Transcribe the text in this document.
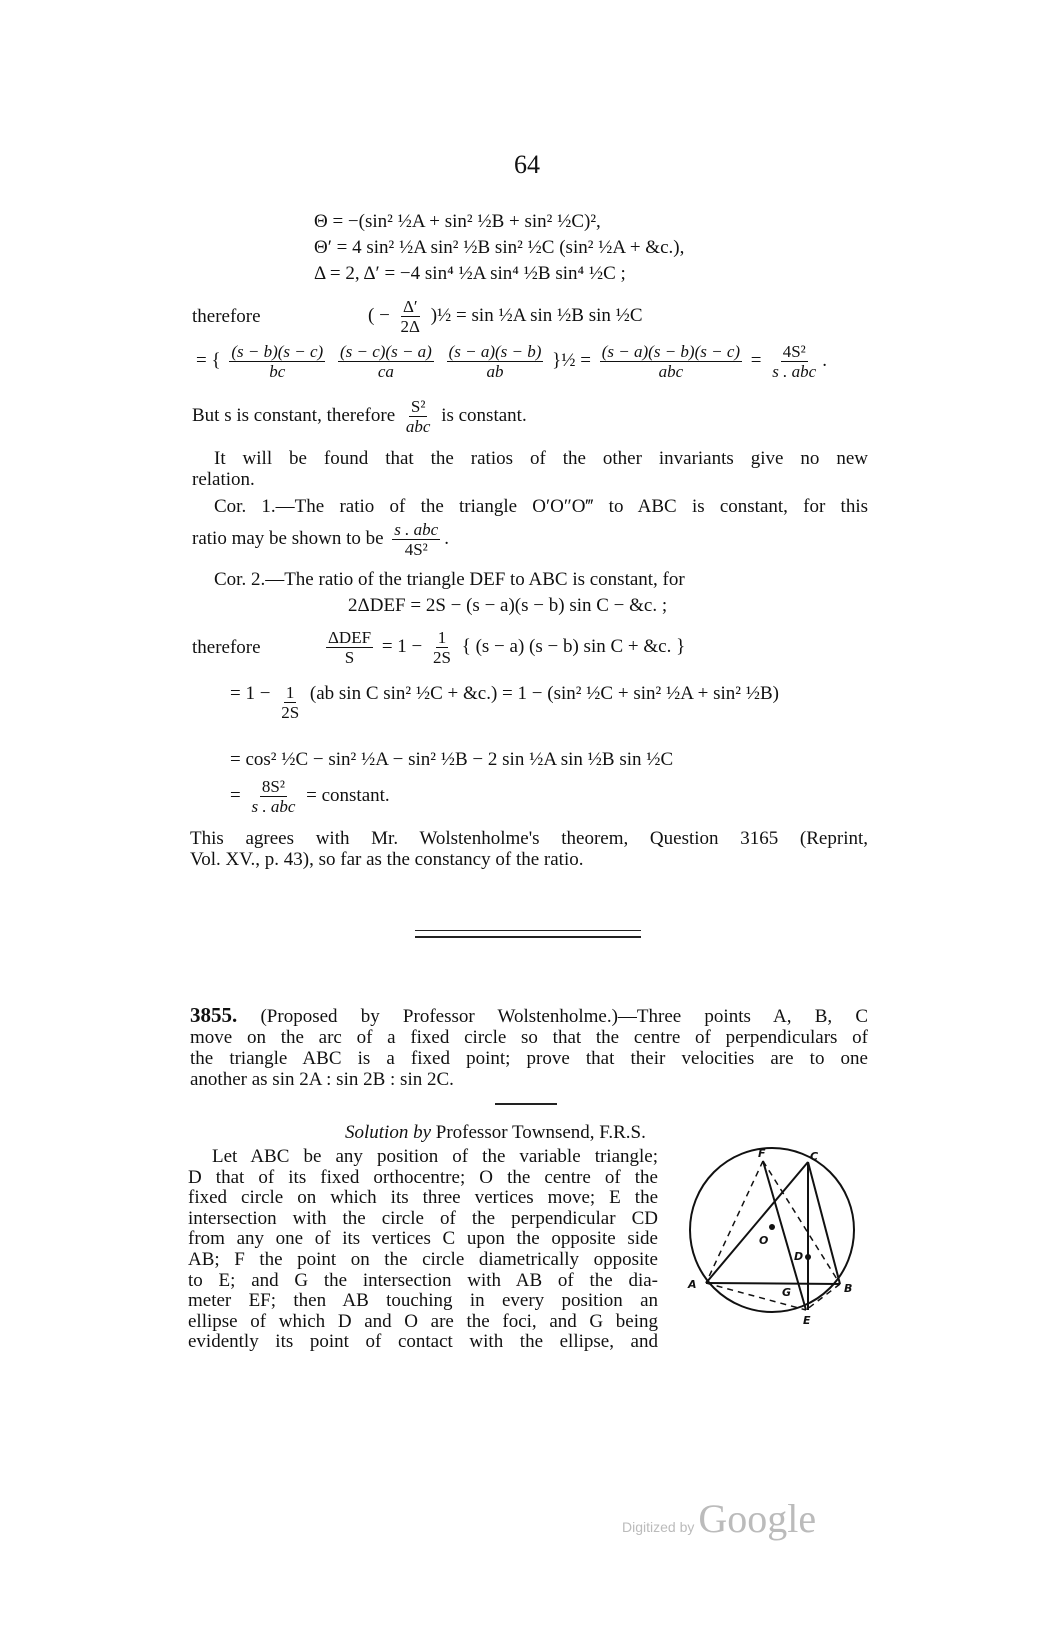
64
Θ = −(sin² ½A + sin² ½B + sin² ½C)²,
Θ′ = 4 sin² ½A sin² ½B sin² ½C (sin² ½A + &c.),
Δ = 2, Δ′ = −4 sin⁴ ½A sin⁴ ½B sin⁴ ½C ;
therefore	( − $\frac{\Delta'}{2\Delta}$ )½ = sin ½A sin ½B sin ½C
= { $\frac{(s - b)(s - c)}{bc}$
$\frac{(s - c)(s - a)}{ca}$
$\frac{(s - a)(s - b)}{ab}$ }½ = $\frac{(s - a)(s - b)(s - c)}{\text{abc}} = \frac{\text{4S²}}{\text{s . abc}}$ .
But s is constant, therefore $\frac{\text{S²}}{\text{abc}}$ is constant.
It will be found that the ratios of the other invariants give no new
relation.
Cor. 1.—The ratio of the triangle O′O″O‴ to ABC is constant, for this
ratio may be shown to be $\frac{\text{s . abc}}{\text{4S²}}$ .
Cor. 2.—The ratio of the triangle DEF to ABC is constant, for
2ΔDEF = 2S − (s − a)(s − b) sin C − &c. ;
therefore	$\frac{\text{ΔDEF}}{S} = 1 - \frac{1}{2S}$ { (s − a) (s − b) sin C + &c. }
= $1 - \frac{1}{2S} (ab$ sin C sin² ½C + &c.) = 1 − (sin² ½C + sin² ½A + sin² ½B)
= cos² ½C − sin² ½A − sin² ½B − 2 sin ½A sin ½B sin ½C
= $\frac{\text{8S²}}{\text{s . abc}}$ = constant.
This agrees with Mr. Wolstenholme's theorem, Question 3165 (Reprint,
Vol. XV., p. 43), so far as the constancy of the ratio.
3855. (Proposed by Professor Wolstenholme.)—Three points A, B, C
move on the arc of a fixed circle so that the centre of perpendiculars of
the triangle ABC is a fixed point; prove that their velocities are to one
another as sin 2A : sin 2B : sin 2C.
Solution by Professor Townsend, F.R.S.
Let ABC be any position of the variable triangle;
D that of its fixed orthocentre; O the centre of the
fixed circle on which its three vertices move; E the
intersection with the circle of the perpendicular CD
from any one of its vertices C upon the opposite side
AB; F the point on the circle diametrically opposite
to E; and G the intersection with AB of the dia-
meter EF; then AB touching in every position an
ellipse of which D and O are the foci, and G being
evidently its point of contact with the ellipse, and
F	C
A	B
E
O
D
G
Digitized by Google
